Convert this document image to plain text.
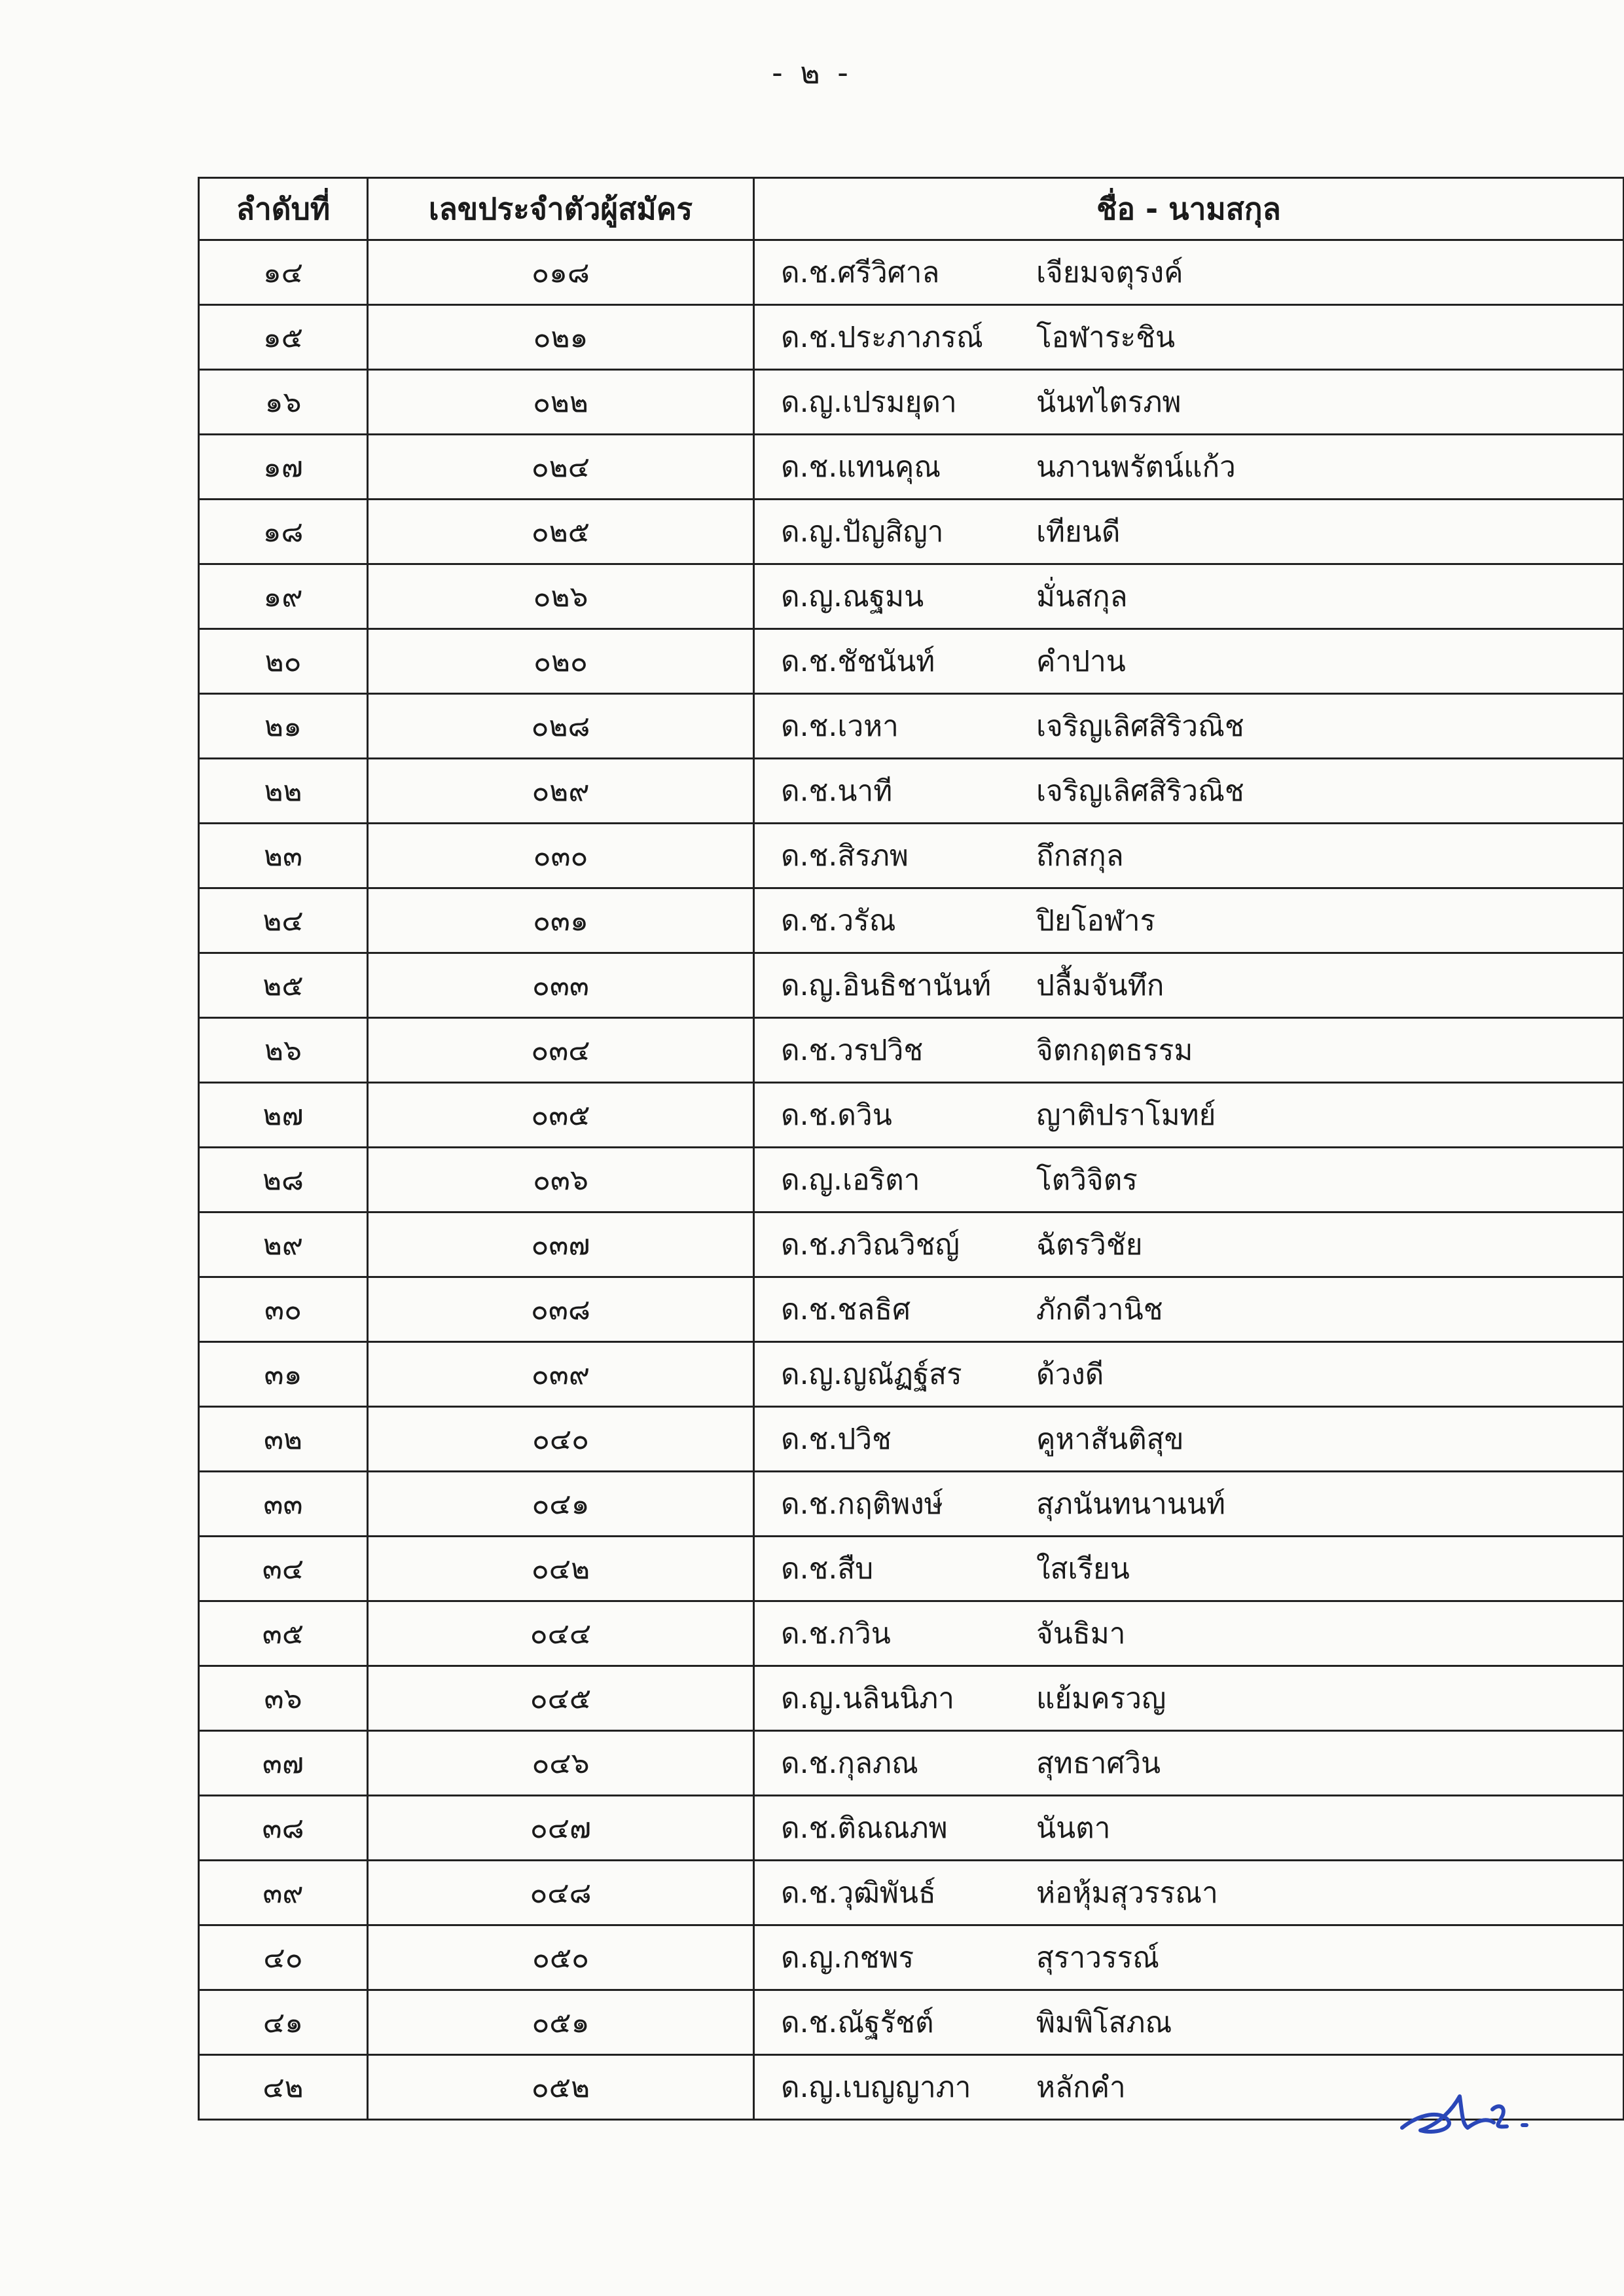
- ๒ -
ลำดับที่	เลขประจำตัวผู้สมัคร	ชื่อ - นามสกุล
๑๔	๐๑๘	ด.ช.ศรีวิศาล เจียมจตุรงค์
๑๕	๐๒๑	ด.ช.ประภาภรณ์ โอฬาระชิน
๑๖	๐๒๒	ด.ญ.เปรมยุดา นันทไตรภพ
๑๗	๐๒๔	ด.ช.แทนคุณ นภานพรัตน์แก้ว
๑๘	๐๒๕	ด.ญ.ปัญสิญา เทียนดี
๑๙	๐๒๖	ด.ญ.ณฐมน มั่นสกุล
๒๐	๐๒๐	ด.ช.ชัชนันท์ คำปาน
๒๑	๐๒๘	ด.ช.เวหา เจริญเลิศสิริวณิช
๒๒	๐๒๙	ด.ช.นาที เจริญเลิศสิริวณิช
๒๓	๐๓๐	ด.ช.สิรภพ ถึกสกุล
๒๔	๐๓๑	ด.ช.วรัณ ปิยโอฬาร
๒๕	๐๓๓	ด.ญ.อินธิชานันท์ ปลื้มจันทึก
๒๖	๐๓๔	ด.ช.วรปวิช จิตกฤตธรรม
๒๗	๐๓๕	ด.ช.ดวิน ญาติปราโมทย์
๒๘	๐๓๖	ด.ญ.เอริตา โตวิจิตร
๒๙	๐๓๗	ด.ช.ภวิณวิชญ์ ฉัตรวิชัย
๓๐	๐๓๘	ด.ช.ชลธิศ ภักดีวานิช
๓๑	๐๓๙	ด.ญ.ญณัฏฐ์สร ด้วงดี
๓๒	๐๔๐	ด.ช.ปวิช คูหาสันติสุข
๓๓	๐๔๑	ด.ช.กฤติพงษ์ สุภนันทนานนท์
๓๔	๐๔๒	ด.ช.สืบ ใสเรียน
๓๕	๐๔๔	ด.ช.กวิน จันธิมา
๓๖	๐๔๕	ด.ญ.นลินนิภา แย้มครวญ
๓๗	๐๔๖	ด.ช.กุลภณ สุทธาศวิน
๓๘	๐๔๗	ด.ช.ติณณภพ นันตา
๓๙	๐๔๘	ด.ช.วุฒิพันธ์ ห่อหุ้มสุวรรณา
๔๐	๐๕๐	ด.ญ.กชพร สุราวรรณ์
๔๑	๐๕๑	ด.ช.ณัฐรัชต์ พิมพิโสภณ
๔๒	๐๕๒	ด.ญ.เบญญาภา หลักคำ
